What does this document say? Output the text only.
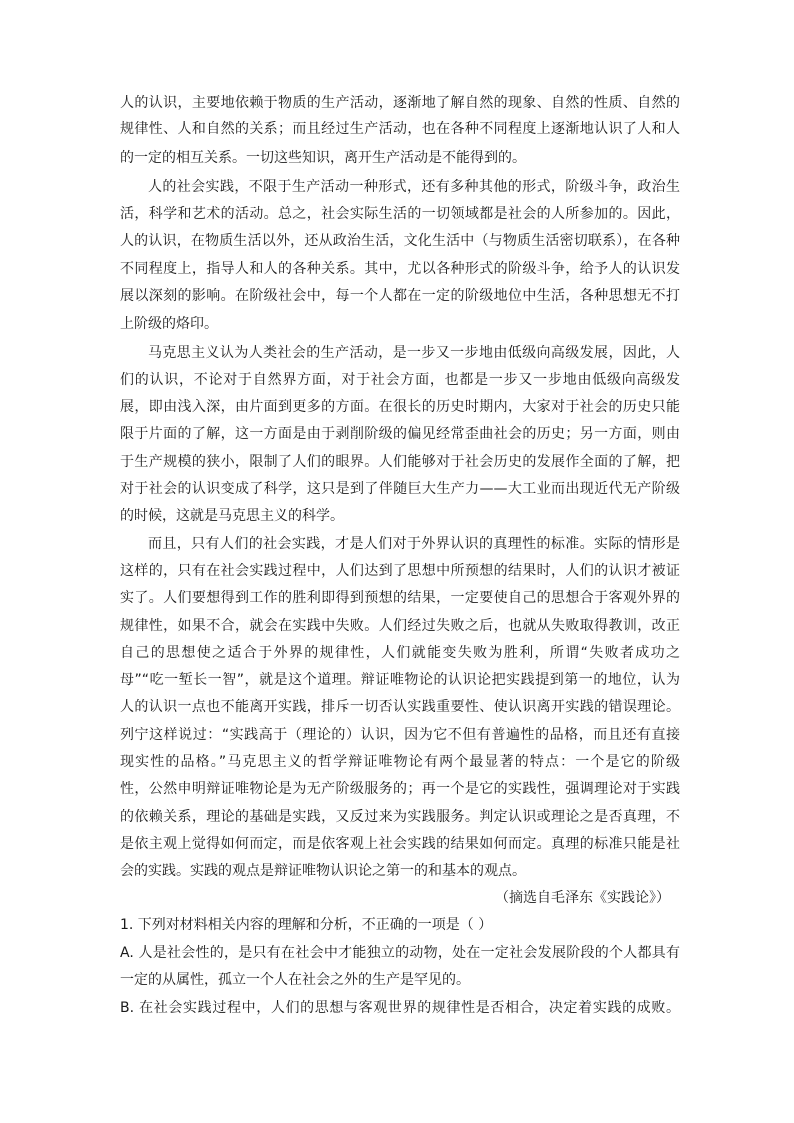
人的认识，主要地依赖于物质的生产活动，逐渐地了解自然的现象、自然的性质、自然的
规律性、人和自然的关系；而且经过生产活动，也在各种不同程度上逐渐地认识了人和人
的一定的相互关系。一切这些知识，离开生产活动是不能得到的。
人的社会实践，不限于生产活动一种形式，还有多种其他的形式，阶级斗争，政治生
活，科学和艺术的活动。总之，社会实际生活的一切领域都是社会的人所参加的。因此，
人的认识，在物质生活以外，还从政治生活，文化生活中（与物质生活密切联系），在各种
不同程度上，指导人和人的各种关系。其中，尤以各种形式的阶级斗争，给予人的认识发
展以深刻的影响。在阶级社会中，每一个人都在一定的阶级地位中生活，各种思想无不打
上阶级的烙印。
马克思主义认为人类社会的生产活动，是一步又一步地由低级向高级发展，因此，人
们的认识，不论对于自然界方面，对于社会方面，也都是一步又一步地由低级向高级发
展，即由浅入深，由片面到更多的方面。在很长的历史时期内，大家对于社会的历史只能
限于片面的了解，这一方面是由于剥削阶级的偏见经常歪曲社会的历史；另一方面，则由
于生产规模的狭小，限制了人们的眼界。人们能够对于社会历史的发展作全面的了解，把
对于社会的认识变成了科学，这只是到了伴随巨大生产力——大工业而出现近代无产阶级
的时候，这就是马克思主义的科学。
而且，只有人们的社会实践，才是人们对于外界认识的真理性的标准。实际的情形是
这样的，只有在社会实践过程中，人们达到了思想中所预想的结果时，人们的认识才被证
实了。人们要想得到工作的胜利即得到预想的结果，一定要使自己的思想合于客观外界的
规律性，如果不合，就会在实践中失败。人们经过失败之后，也就从失败取得教训，改正
自己的思想使之适合于外界的规律性，人们就能变失败为胜利，所谓“失败者成功之
母”“吃一堑长一智”，就是这个道理。辩证唯物论的认识论把实践提到第一的地位，认为
人的认识一点也不能离开实践，排斥一切否认实践重要性、使认识离开实践的错误理论。
列宁这样说过：“实践高于（理论的）认识，因为它不但有普遍性的品格，而且还有直接
现实性的品格。”马克思主义的哲学辩证唯物论有两个最显著的特点：一个是它的阶级
性，公然申明辩证唯物论是为无产阶级服务的；再一个是它的实践性，强调理论对于实践
的依赖关系，理论的基础是实践，又反过来为实践服务。判定认识或理论之是否真理，不
是依主观上觉得如何而定，而是依客观上社会实践的结果如何而定。真理的标准只能是社
会的实践。实践的观点是辩证唯物认识论之第一的和基本的观点。
（摘选自毛泽东《实践论》）
1. 下列对材料相关内容的理解和分析，不正确的一项是（ ）
A. 人是社会性的，是只有在社会中才能独立的动物，处在一定社会发展阶段的个人都具有
一定的从属性，孤立一个人在社会之外的生产是罕见的。
B. 在社会实践过程中，人们的思想与客观世界的规律性是否相合，决定着实践的成败。
